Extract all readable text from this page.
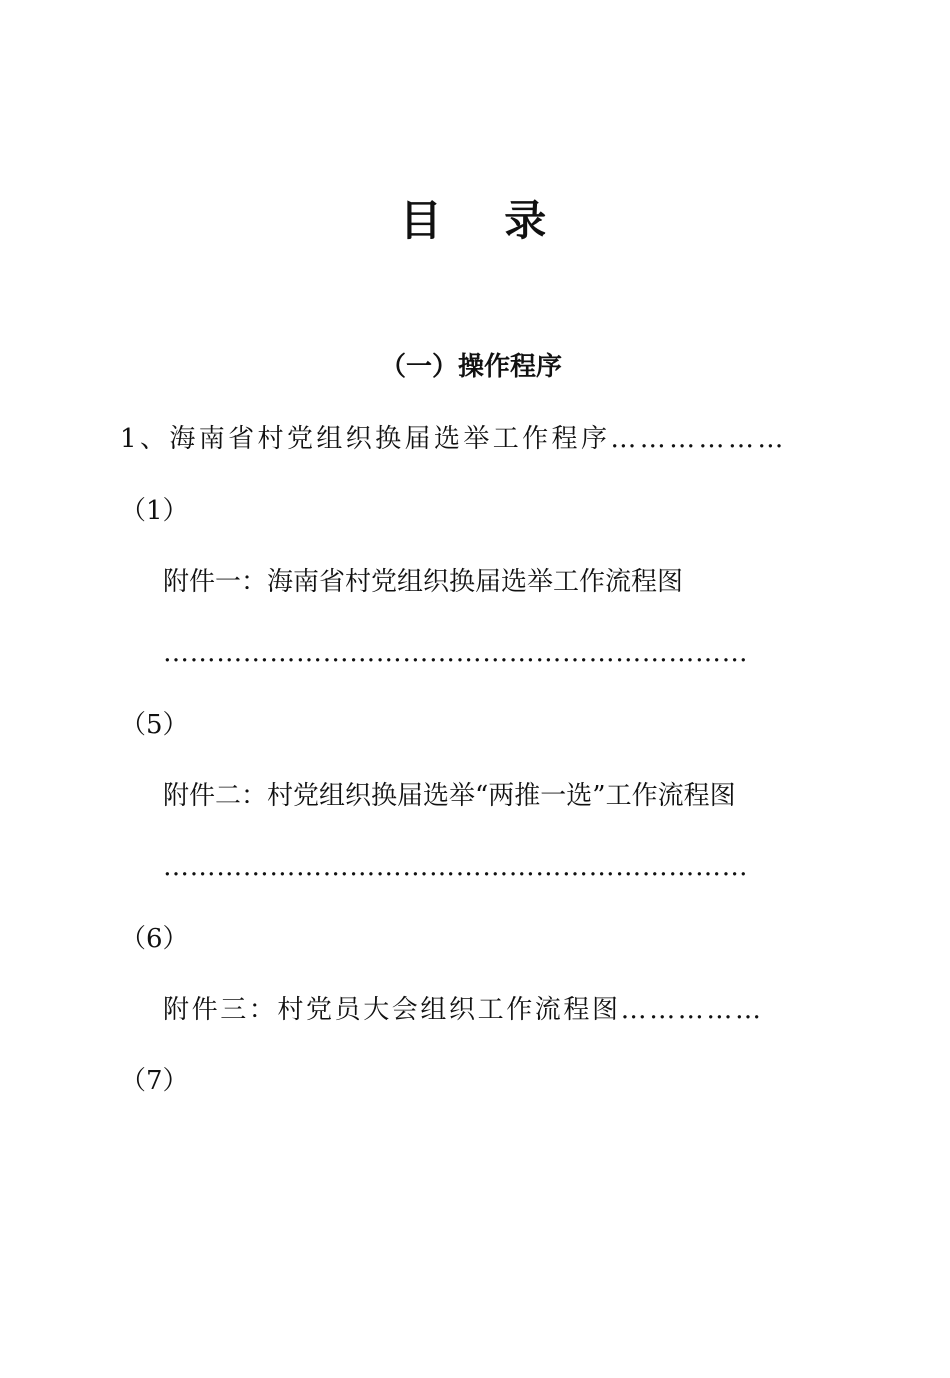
目 录
（一）操作程序
1、海南省村党组织换届选举工作程序………………
（1）
附件一：海南省村党组织换届选举工作流程图
…………………………………………………………
（5）
附件二：村党组织换届选举“两推一选”工作流程图
…………………………………………………………
（6）
附件三：村党员大会组织工作流程图……………
（7）
